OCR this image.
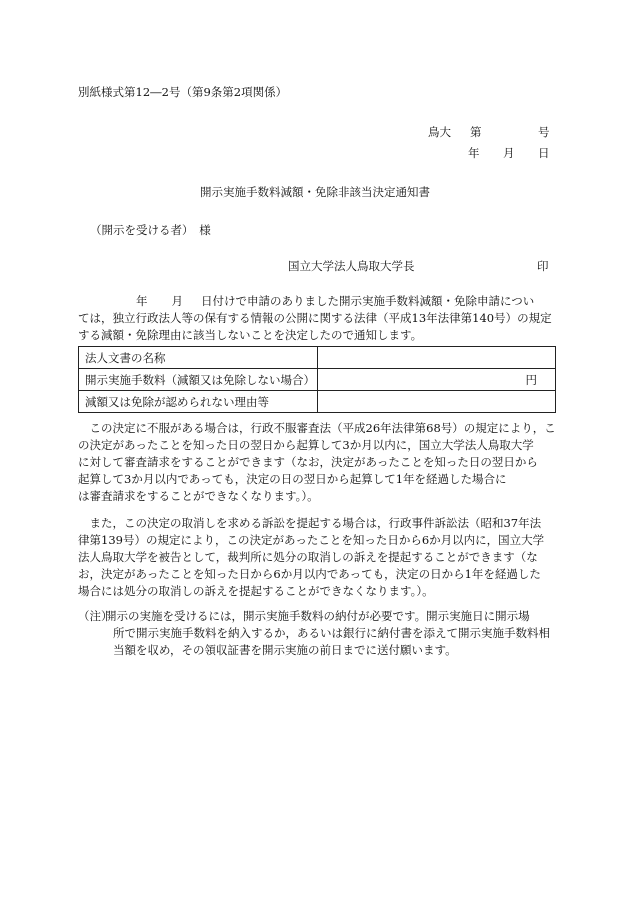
別紙様式第12―2号（第9条第2項関係）
鳥大 第	号
年 月 日
開示実施手数料減額・免除非該当決定通知書
（開示を受ける者）　様
国立大学法人鳥取大学長	印

年 月 日付けで申請のありました開示実施手数料減額・免除申請につい

ては，独立行政法人等の保有する情報の公開に関する法律（平成13年法律第140号）の規定

する減額・免除理由に該当しないことを決定したので通知します。

法人文書の名称	
開示実施手数料（減額又は免除しない場合）	円
減額又は免除が認められない理由等	

　この決定に不服がある場合は，行政不服審査法（平成26年法律第68号）の規定により，こ

の決定があったことを知った日の翌日から起算して3か月以内に，国立大学法人鳥取大学

に対して審査請求をすることができます（なお，決定があったことを知った日の翌日から

起算して3か月以内であっても，決定の日の翌日から起算して1年を経過した場合に

は審査請求をすることができなくなります。）。

　また，この決定の取消しを求める訴訟を提起する場合は，行政事件訴訟法（昭和37年法

律第139号）の規定により，この決定があったことを知った日から6か月以内に，国立大学

法人鳥取大学を被告として，裁判所に処分の取消しの訴えを提起することができます（な

お，決定があったことを知った日から6か月以内であっても，決定の日から1年を経過した

場合には処分の取消しの訴えを提起することができなくなります。）。

（注）

開示の実施を受けるには，開示実施手数料の納付が必要です。開示実施日に開示場

所で開示実施手数料を納入するか，あるいは銀行に納付書を添えて開示実施手数料相

当額を収め，その領収証書を開示実施の前日までに送付願います。
